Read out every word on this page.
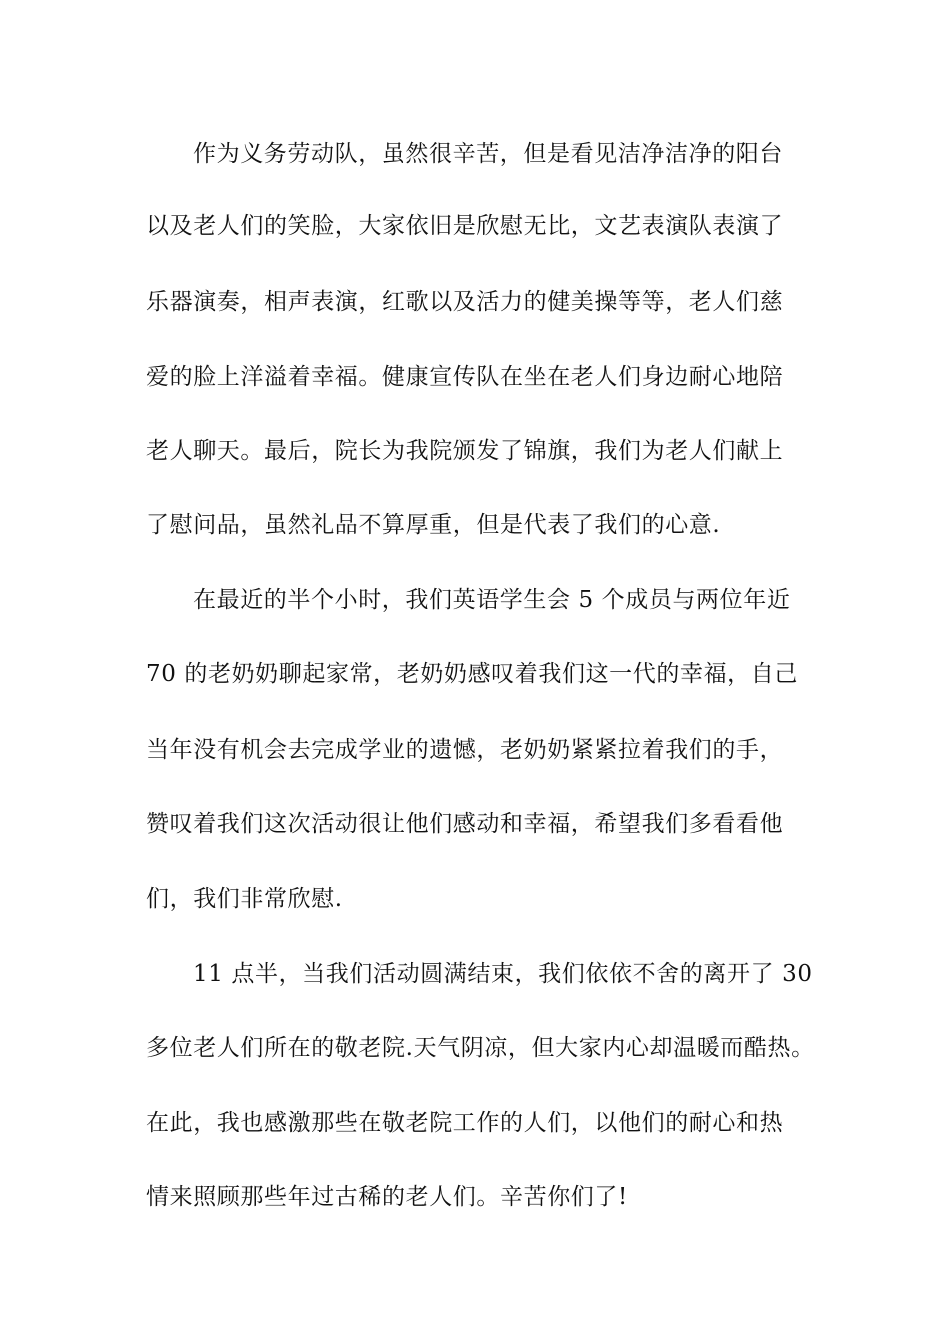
作为义务劳动队，虽然很辛苦，但是看见洁净洁净的阳台
以及老人们的笑脸，大家依旧是欣慰无比，文艺表演队表演了
乐器演奏，相声表演，红歌以及活力的健美操等等，老人们慈
爱的脸上洋溢着幸福。健康宣传队在坐在老人们身边耐心地陪
老人聊天。最后，院长为我院颁发了锦旗，我们为老人们献上
了慰问品，虽然礼品不算厚重，但是代表了我们的心意.
在最近的半个小时，我们英语学生会 5 个成员与两位年近
70 的老奶奶聊起家常，老奶奶感叹着我们这一代的幸福，自己
当年没有机会去完成学业的遗憾，老奶奶紧紧拉着我们的手，
赞叹着我们这次活动很让他们感动和幸福，希望我们多看看他
们，我们非常欣慰.
11 点半，当我们活动圆满结束，我们依依不舍的离开了 30
多位老人们所在的敬老院.天气阴凉，但大家内心却温暖而酷热。
在此，我也感激那些在敬老院工作的人们，以他们的耐心和热
情来照顾那些年过古稀的老人们。辛苦你们了!
